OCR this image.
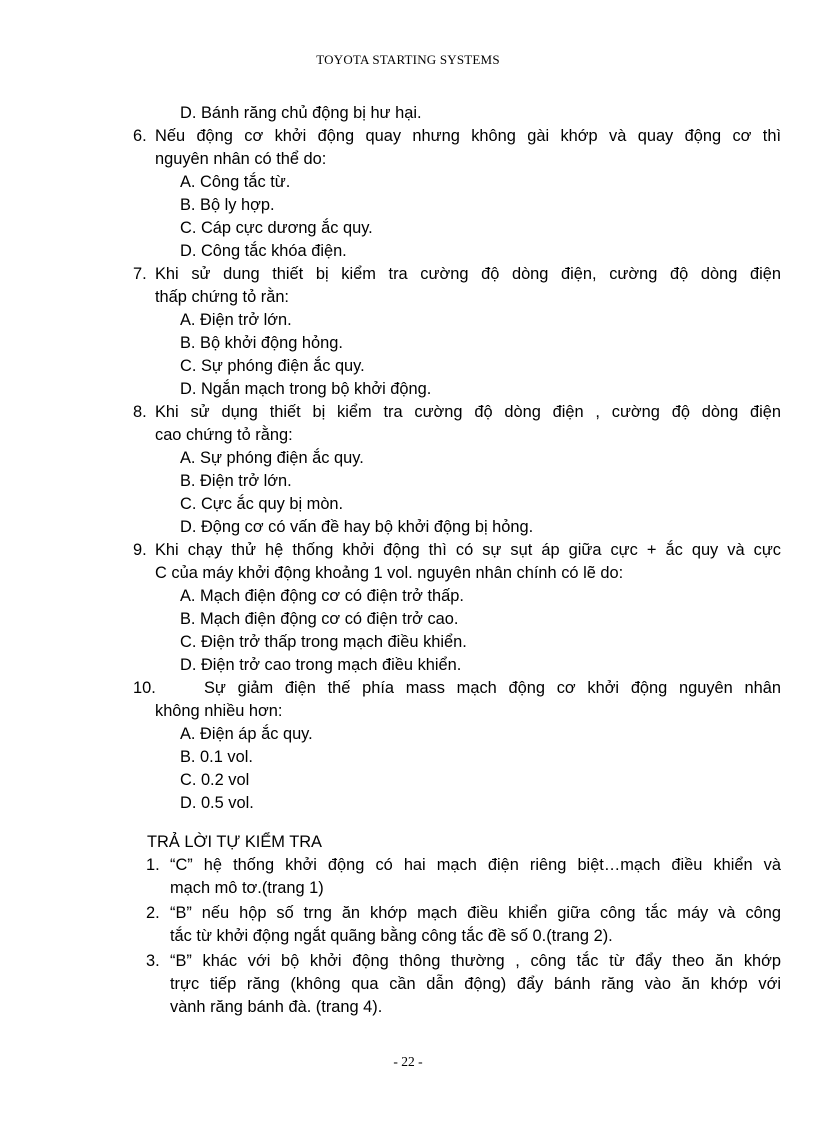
TOYOTA STARTING SYSTEMS
D. Bánh răng chủ động bị hư hại.
6. Nếu động cơ khởi động quay nhưng không gài khớp và quay động cơ thì
nguyên nhân có thể do:
A. Công tắc từ.
B. Bộ ly hợp.
C. Cáp cực dương ắc quy.
D. Công tắc khóa điện.
7. Khi sử dung thiết bị kiểm tra cường độ dòng điện, cường độ dòng điện
thấp chứng tỏ rằn:
A. Điện trở lớn.
B. Bộ khởi động hỏng.
C. Sự phóng điện ắc quy.
D. Ngắn mạch trong bộ khởi động.
8. Khi sử dụng thiết bị kiểm tra cường độ dòng điện , cường độ dòng điện
cao chứng tỏ rằng:
A. Sự phóng điện ắc quy.
B. Điện trở lớn.
C. Cực ắc quy bị mòn.
D. Động cơ có vấn đề hay bộ khởi động bị hỏng.
9. Khi chạy thử hệ thống khởi động thì có sự sụt áp giữa cực + ắc quy và cực
C của máy khởi động khoảng 1 vol. nguyên nhân chính có lẽ do:
A. Mạch điện động cơ có điện trở thấp.
B. Mạch điện động cơ có điện trở cao.
C. Điện trở thấp trong mạch điều khiển.
D. Điện trở cao trong mạch điều khiển.
10.	Sự giảm điện thế phía mass mạch động cơ khởi động nguyên nhân
không nhiều hơn:
A. Điện áp ắc quy.
B. 0.1 vol.
C. 0.2 vol
D. 0.5 vol.
TRẢ LỜI TỰ KIỂM TRA
1. “C” hệ thống khởi động có hai mạch điện riêng biệt…mạch điều khiển và
mạch mô tơ.(trang 1)
2. “B” nếu hộp số trng ăn khớp mạch điều khiển giữa công tắc máy và công
tắc từ khởi động ngắt quãng bằng công tắc đề số 0.(trang 2).
3. “B” khác với bộ khởi động thông thường , công tắc từ đẩy theo ăn khớp
trực tiếp răng (không qua cần dẫn động) đẩy bánh răng vào ăn khớp với
vành răng bánh đà. (trang 4).
- 22 -
